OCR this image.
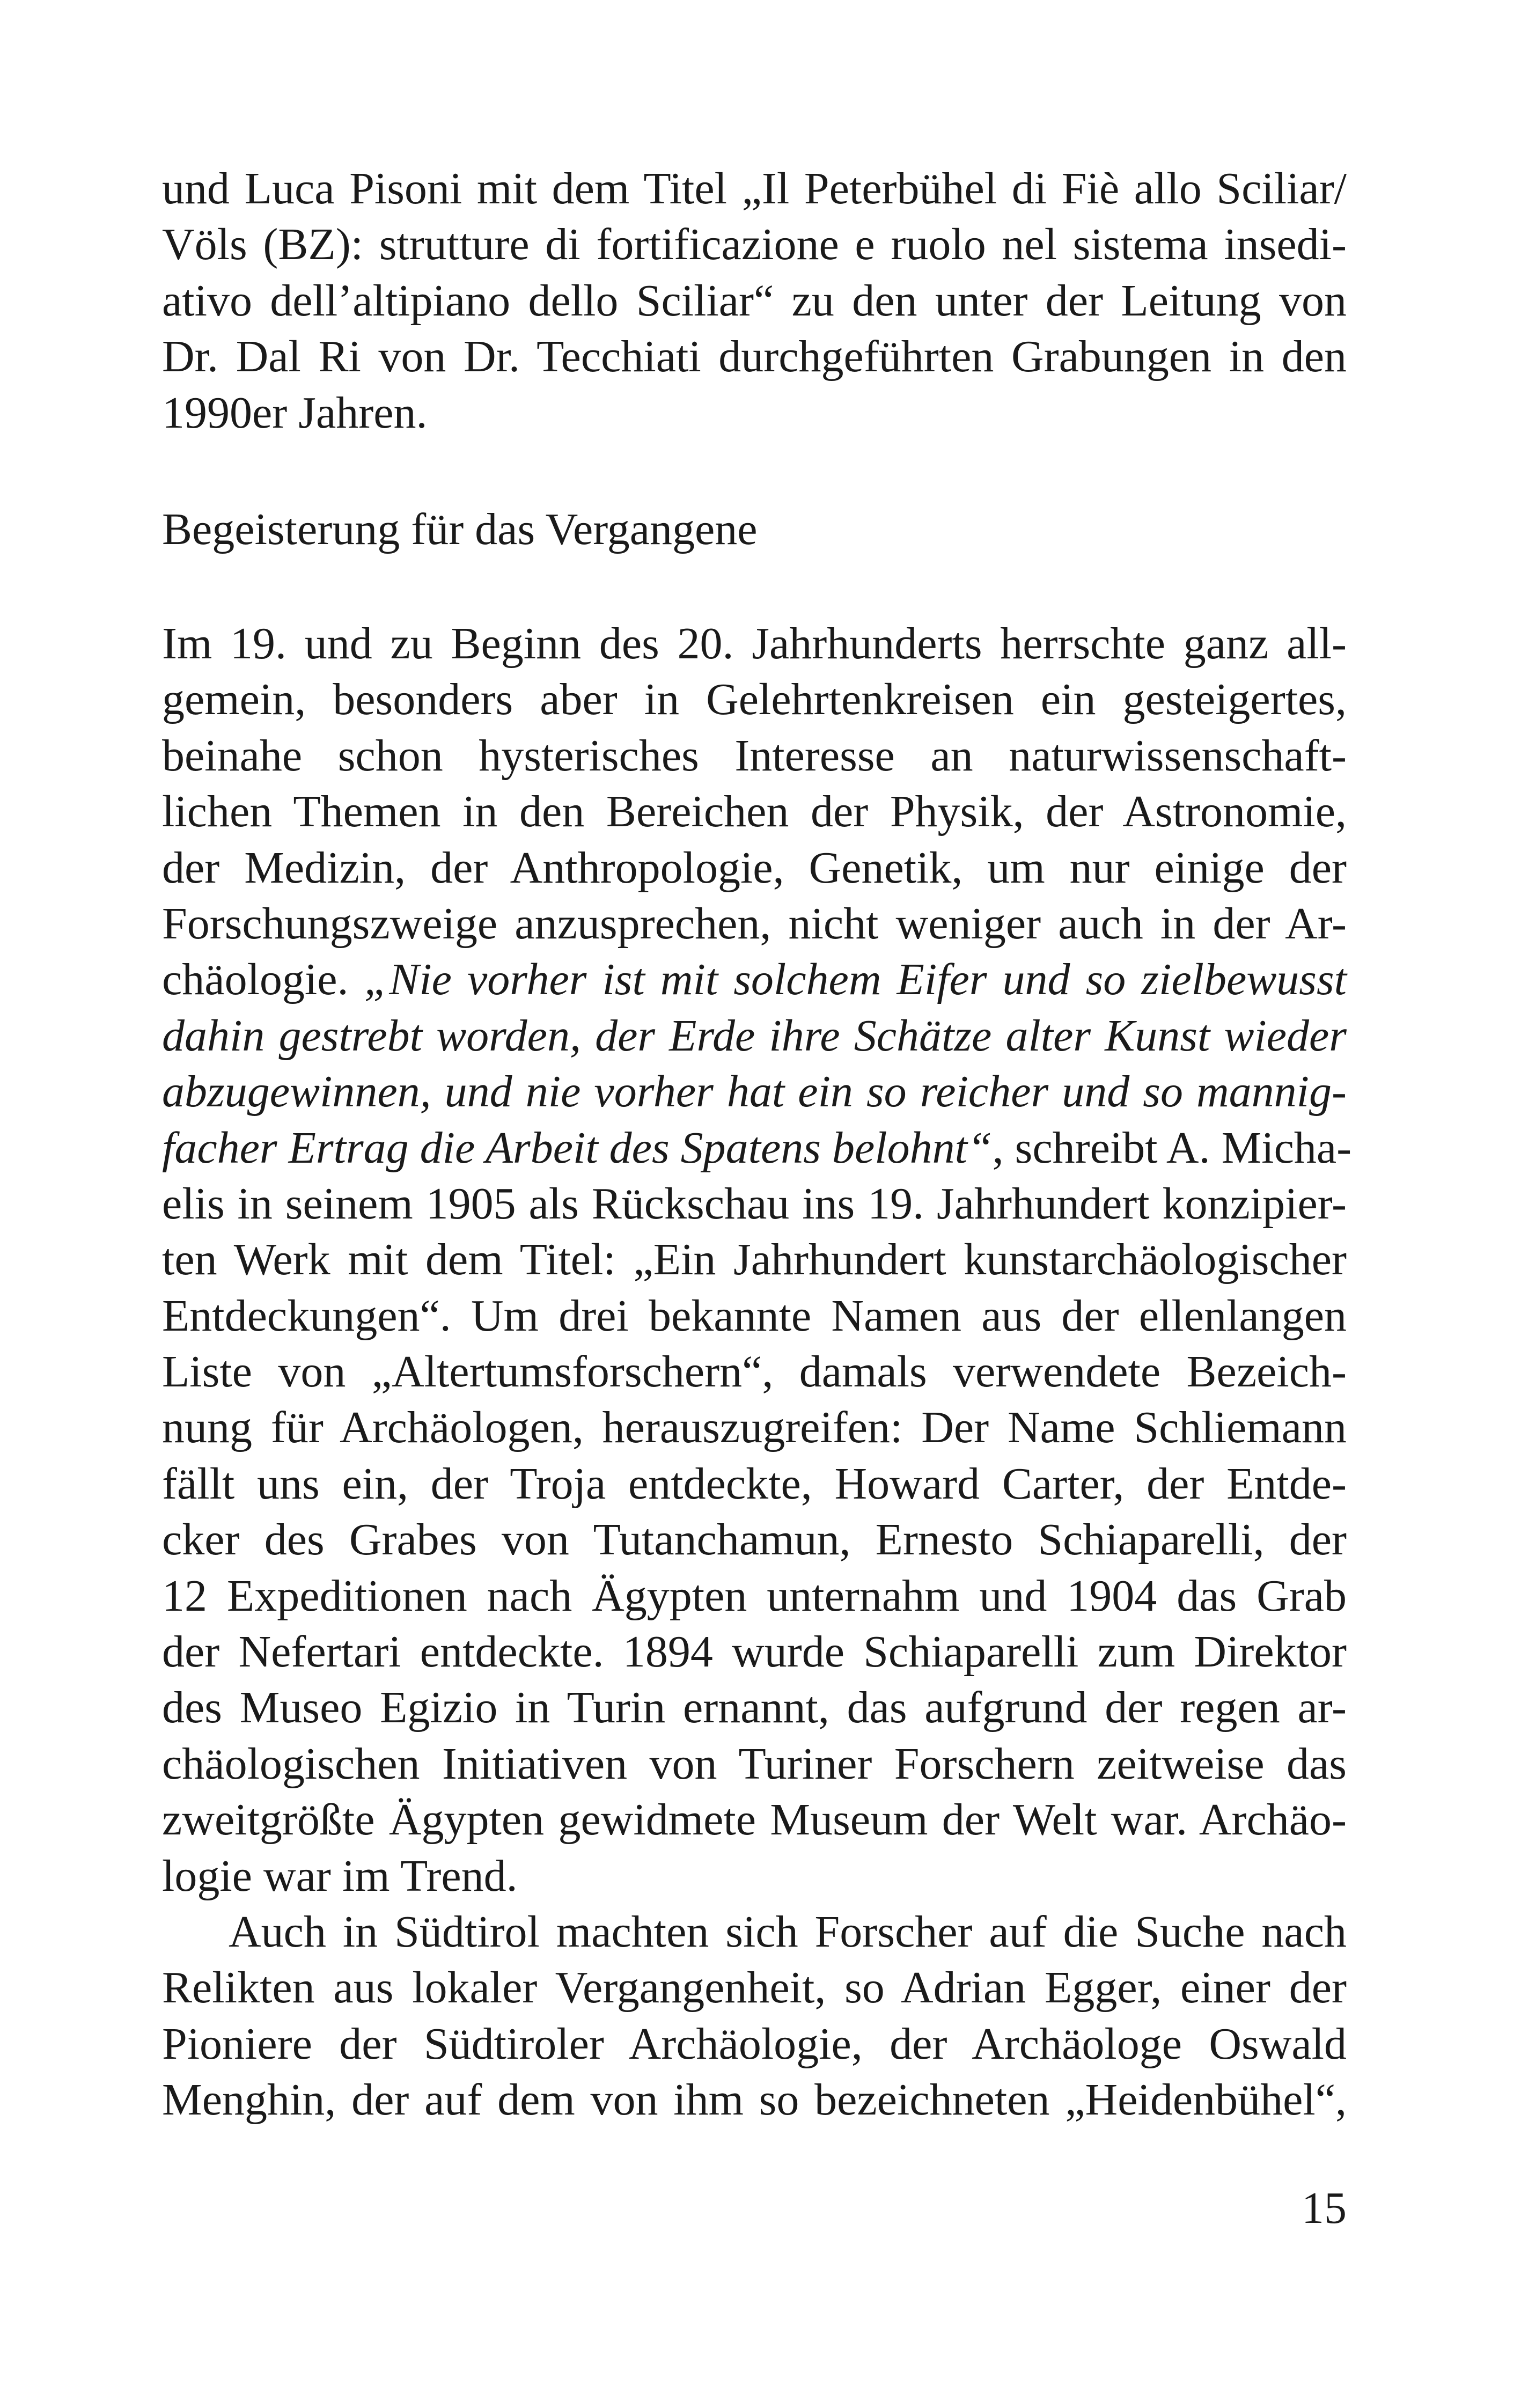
und Luca Pisoni mit dem Titel „Il Peterbühel di Fiè allo Sciliar/
Völs (BZ): strutture di fortificazione e ruolo nel sistema insedi-
ativo dell’altipiano dello Sciliar“ zu den unter der Leitung von
Dr. Dal Ri von Dr. Tecchiati durchgeführten Grabungen in den
1990er Jahren.
Begeisterung für das Vergangene
Im 19. und zu Beginn des 20. Jahrhunderts herrschte ganz all-
gemein, besonders aber in Gelehrtenkreisen ein gesteigertes,
beinahe schon hysterisches Interesse an naturwissenschaft-
lichen Themen in den Bereichen der Physik, der Astronomie,
der Medizin, der Anthropologie, Genetik, um nur einige der
Forschungszweige anzusprechen, nicht weniger auch in der Ar-
chäologie. „Nie vorher ist mit solchem Eifer und so zielbewusst
dahin gestrebt worden, der Erde ihre Schätze alter Kunst wieder
abzugewinnen, und nie vorher hat ein so reicher und so mannig-
facher Ertrag die Arbeit des Spatens belohnt“, schreibt A. Micha-
elis in seinem 1905 als Rückschau ins 19. Jahrhundert konzipier-
ten Werk mit dem Titel: „Ein Jahrhundert kunstarchäologischer
Entdeckungen“. Um drei bekannte Namen aus der ellenlangen
Liste von „Altertumsforschern“, damals verwendete Bezeich-
nung für Archäologen, herauszugreifen: Der Name Schliemann
fällt uns ein, der Troja entdeckte, Howard Carter, der Entde-
cker des Grabes von Tutanchamun, Ernesto Schiaparelli, der
12 Expeditionen nach Ägypten unternahm und 1904 das Grab
der Nefertari entdeckte. 1894 wurde Schiaparelli zum Direktor
des Museo Egizio in Turin ernannt, das aufgrund der regen ar-
chäologischen Initiativen von Turiner Forschern zeitweise das
zweitgrößte Ägypten gewidmete Museum der Welt war. Archäo-
logie war im Trend.
Auch in Südtirol machten sich Forscher auf die Suche nach
Relikten aus lokaler Vergangenheit, so Adrian Egger, einer der
Pioniere der Südtiroler Archäologie, der Archäologe Oswald
Menghin, der auf dem von ihm so bezeichneten „Heidenbühel“,
15
